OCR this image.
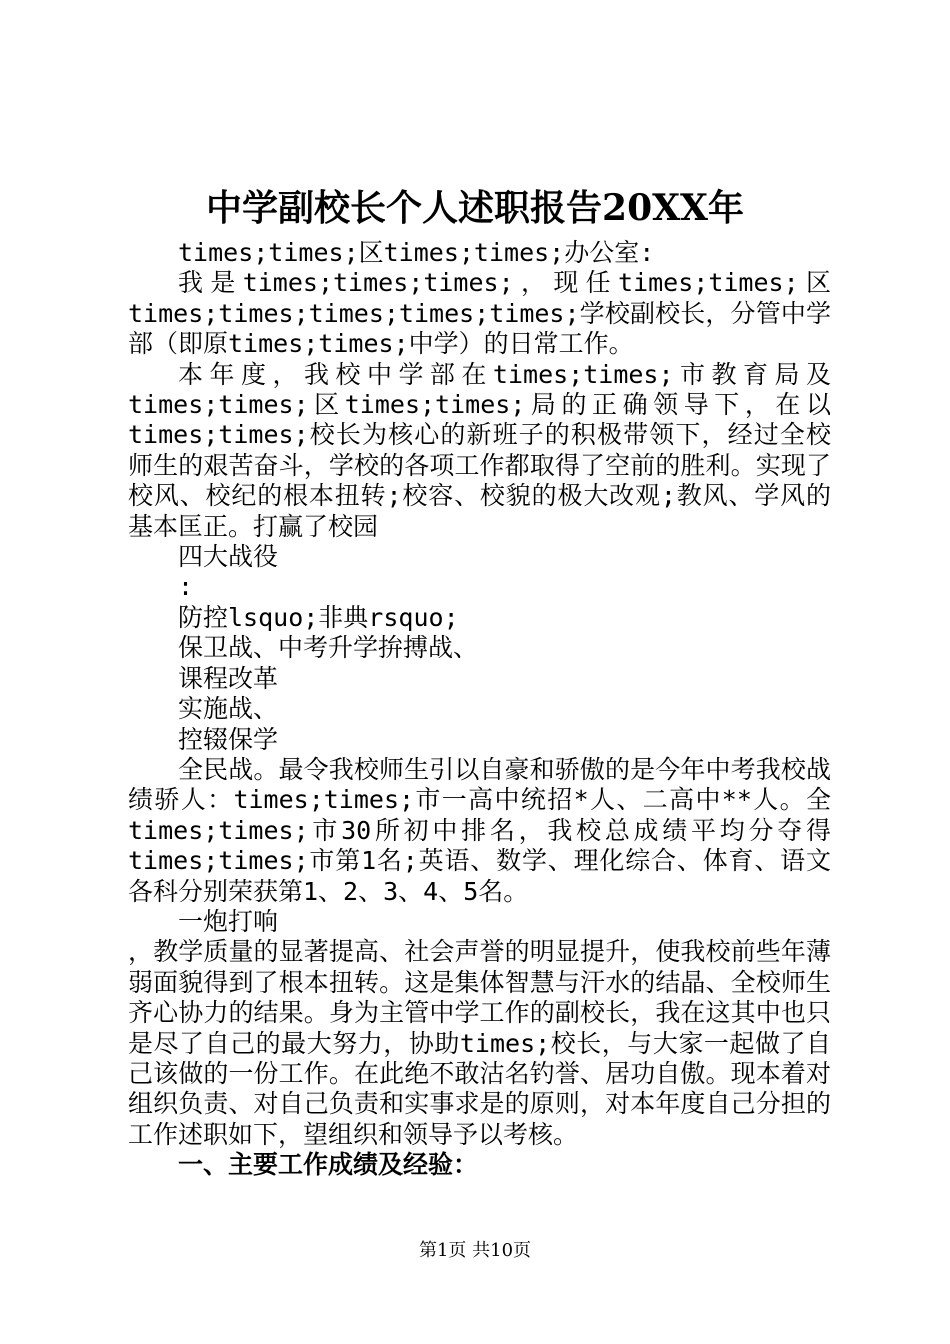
中学副校长个人述职报告20XX年

times;times;区times;times;办公室:

我是times;times;times;，现任times;times;区times;times;times;times;times;学校副校长，分管中学部（即原times;times;中学）的日常工作。

本年度，我校中学部在times;times;市教育局及times;times;区times;times;局的正确领导下，在以times;times;校长为核心的新班子的积极带领下，经过全校师生的艰苦奋斗，学校的各项工作都取得了空前的胜利。实现了校风、校纪的根本扭转;校容、校貌的极大改观;教风、学风的基本匡正。打赢了校园

四大战役

:

防控lsquo;非典rsquo;

保卫战、中考升学拚搏战、

课程改革

实施战、

控辍保学

全民战。最令我校师生引以自豪和骄傲的是今年中考我校战绩骄人：times;times;市一高中统招*人、二高中**人。全times;times;市30所初中排名，我校总成绩平均分夺得times;times;市第1名;英语、数学、理化综合、体育、语文各科分别荣获第1、2、3、4、5名。

一炮打响

，教学质量的显著提高、社会声誉的明显提升，使我校前些年薄弱面貌得到了根本扭转。这是集体智慧与汗水的结晶、全校师生齐心协力的结果。身为主管中学工作的副校长，我在这其中也只是尽了自己的最大努力，协助times;校长，与大家一起做了自己该做的一份工作。在此绝不敢沽名钓誉、居功自傲。现本着对组织负责、对自己负责和实事求是的原则，对本年度自己分担的工作述职如下，望组织和领导予以考核。

一、主要工作成绩及经验：

第1页 共10页
